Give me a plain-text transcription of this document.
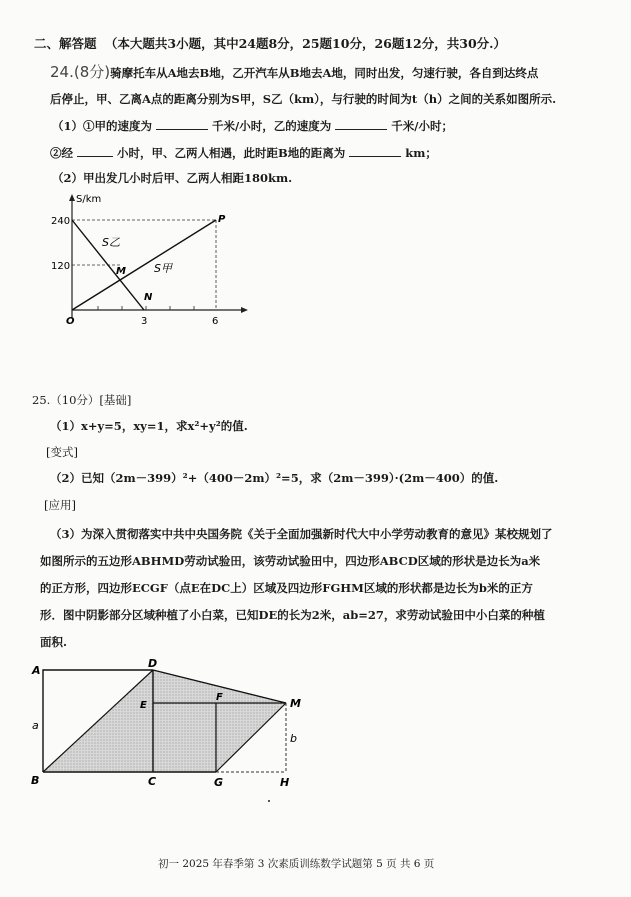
二、解答题 （本大题共3小题，其中24题8分，25题10分，26题12分，共30分.）
24.(8分)骑摩托车从A地去B地，乙开汽车从B地去A地，同时出发，匀速行驶，各自到达终点
后停止，甲、乙离A点的距离分别为S甲，S乙（km），与行驶的时间为t（h）之间的关系如图所示.
（1）①甲的速度为	千米/小时，乙的速度为	千米/小时；
②经	小时，甲、乙两人相遇，此时距B地的距离为	km；
（2）甲出发几小时后甲、乙两人相距180km.
S/km
240
120
O	3	6
P
M
N
S乙
S甲
25.（10分）[基础]
（1）x+y=5，xy=1，求x²+y²的值.
[变式]
（2）已知（2m－399）²+（400－2m）²=5，求（2m－399）·(2m－400）的值.
[应用]
（3）为深入贯彻落实中共中央国务院《关于全面加强新时代大中小学劳动教育的意见》某校规划了
如图所示的五边形ABHMD劳动试验田，该劳动试验田中，四边形ABCD区域的形状是边长为a米
的正方形，四边形ECGF（点E在DC上）区域及四边形FGHM区域的形状都是边长为b米的正方
形．图中阴影部分区域种植了小白菜，已知DE的长为2米，ab=27，求劳动试验田中小白菜的种植
面积.
A
B	C
D
E
F
G	H
M
a
b
初一 2025 年春季第 3 次素质训练数学试题第 5 页 共 6 页
